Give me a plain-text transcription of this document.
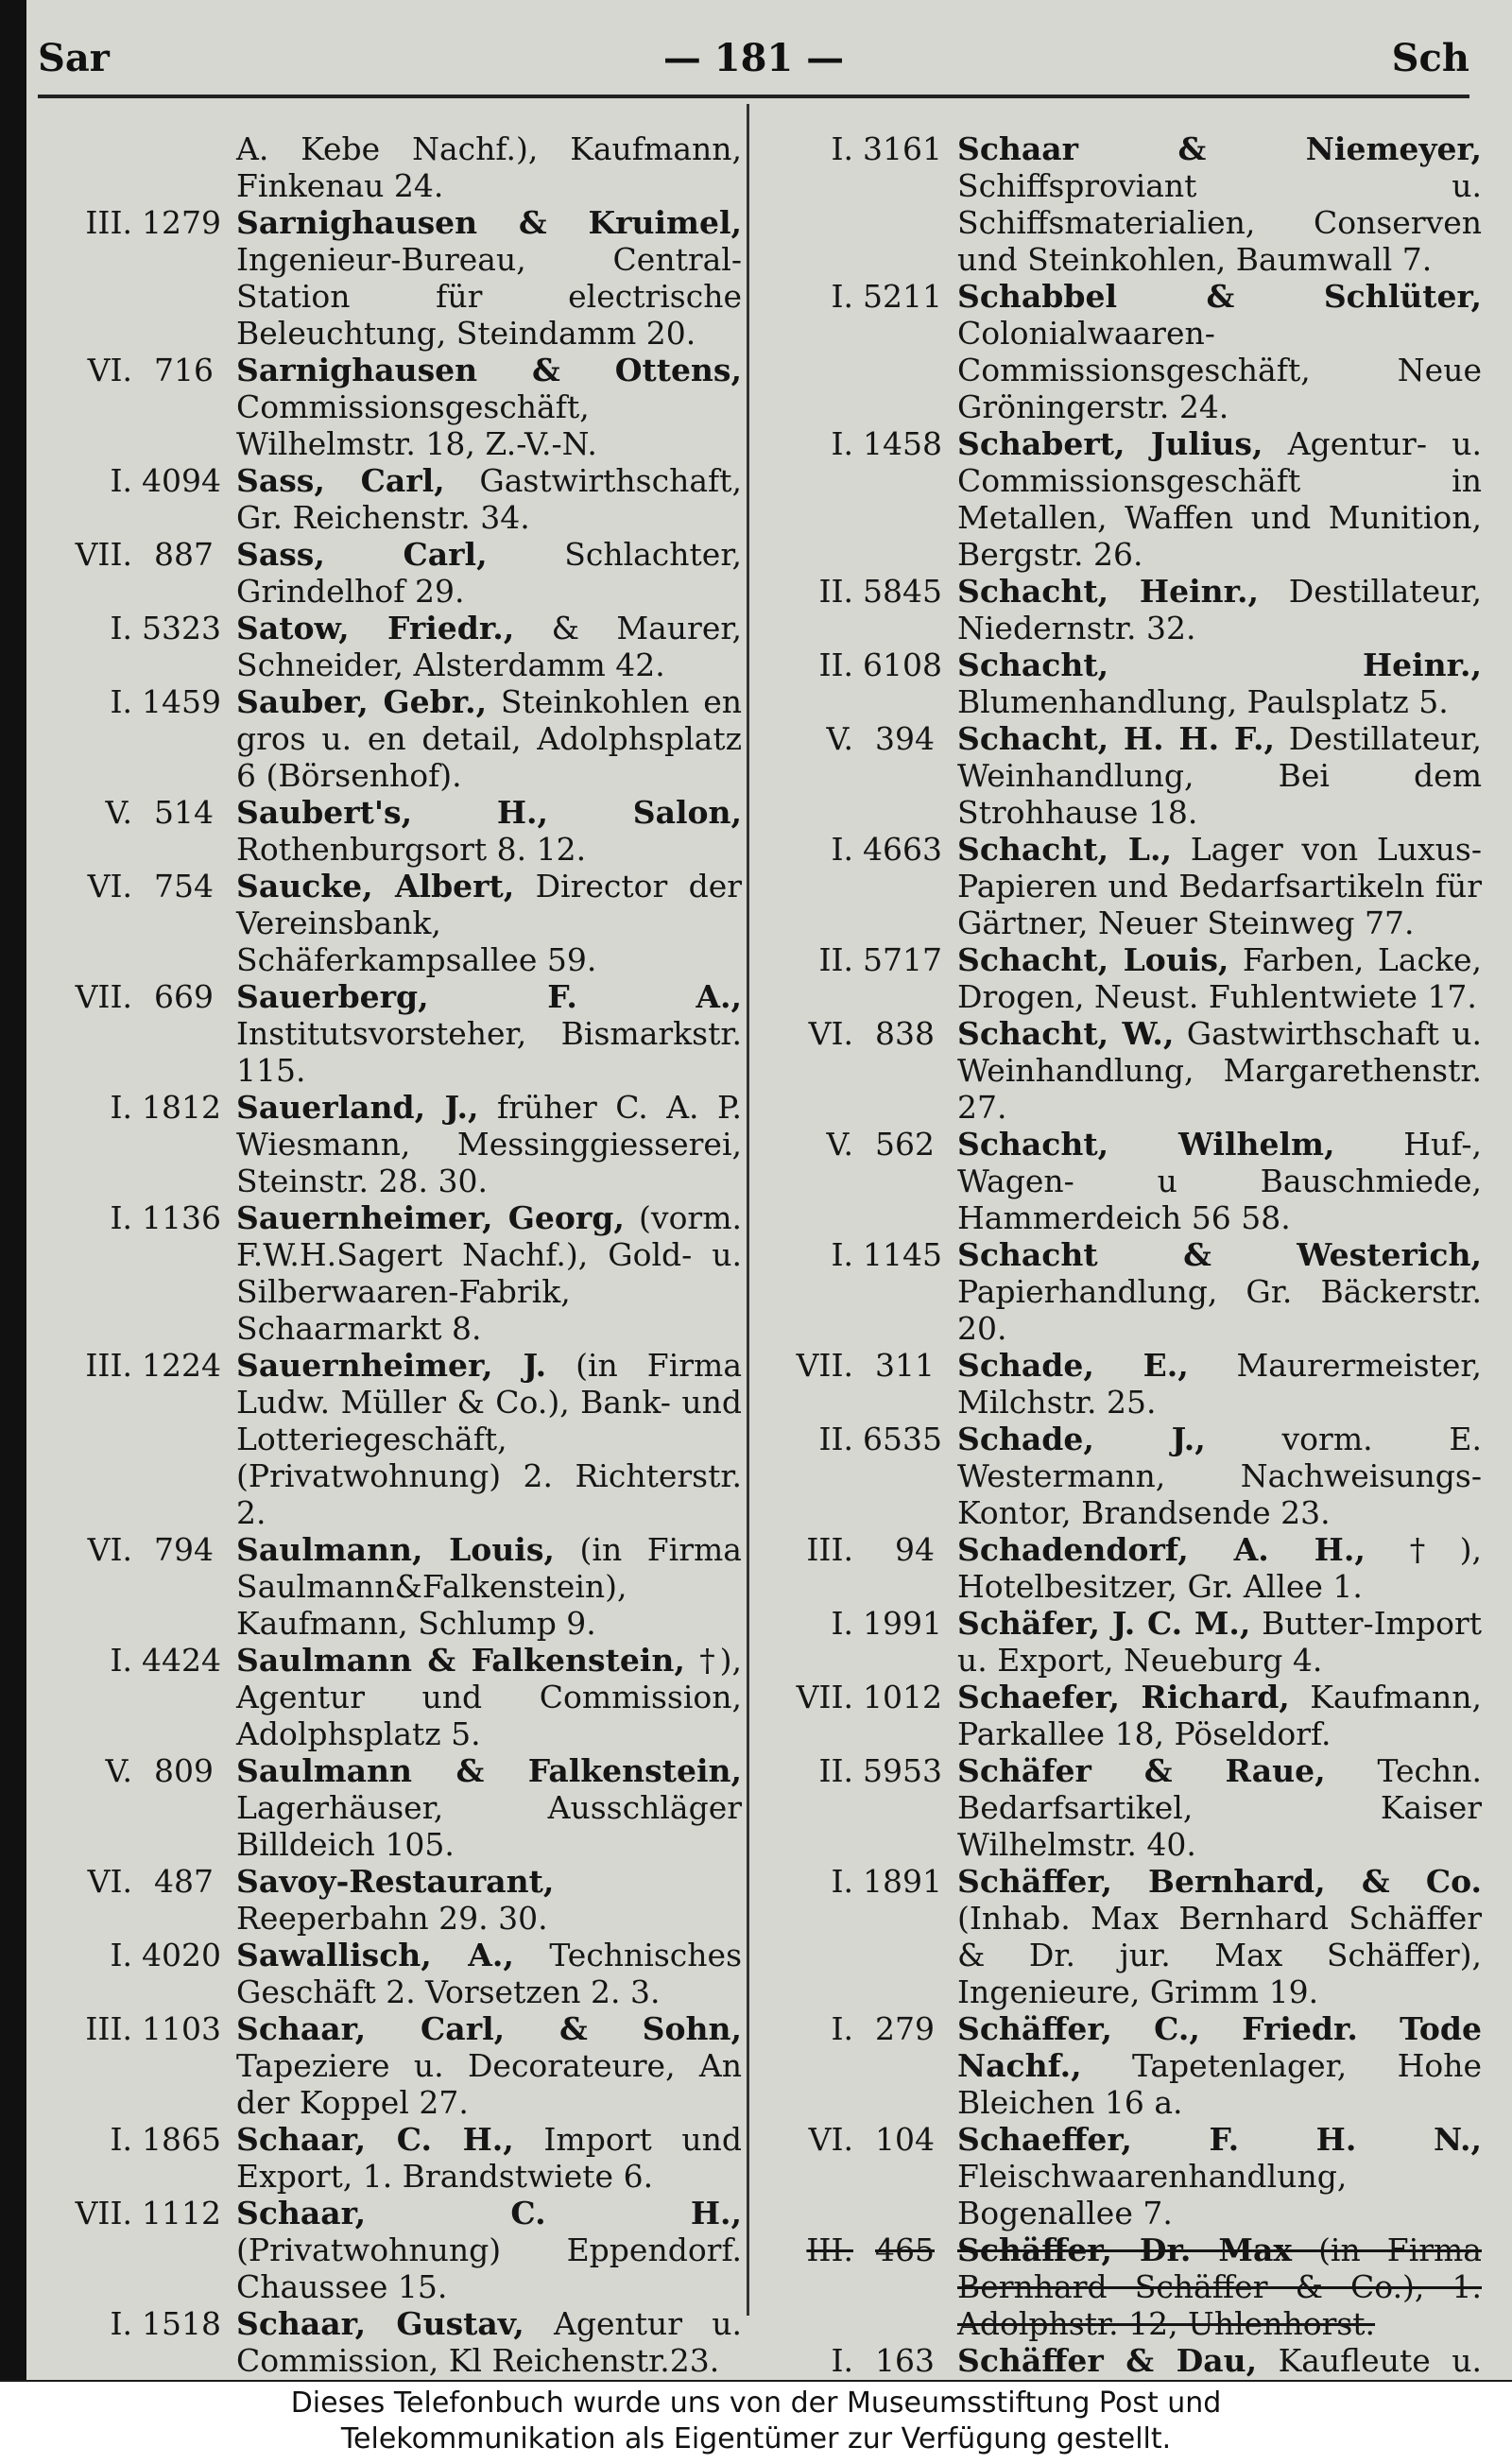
Sar	— 181 —	Sch
A. Kebe Nachf.), Kaufmann, Finkenau 24.
III. 1279 Sarnighausen & Kruimel, Ingenieur-Bureau, Central-Station für electrische Beleuchtung, Steindamm 20.
VI. 716 Sarnighausen & Ottens, Commissionsgeschäft, Wilhelmstr. 18, Z.-V.-N.
I. 4094 Sass, Carl, Gastwirthschaft, Gr. Reichenstr. 34.
VII. 887 Sass, Carl, Schlachter, Grindelhof 29.
I. 5323 Satow, Friedr., & Maurer, Schneider, Alsterdamm 42.
I. 1459 Sauber, Gebr., Steinkohlen en gros u. en detail, Adolphsplatz 6 (Börsenhof).
V. 514 Saubert's, H., Salon, Rothenburgsort 8. 12.
VI. 754 Saucke, Albert, Director der Vereinsbank, Schäferkampsallee 59.
VII. 669 Sauerberg, F. A., Institutsvorsteher, Bismarkstr. 115.
I. 1812 Sauerland, J., früher C. A. P. Wiesmann, Messinggiesserei, Steinstr. 28. 30.
I. 1136 Sauernheimer, Georg, (vorm. F.W.H.Sagert Nachf.), Gold- u. Silberwaaren-Fabrik, Schaarmarkt 8.
III. 1224 Sauernheimer, J. (in Firma Ludw. Müller & Co.), Bank- und Lotteriegeschäft, (Privatwohnung) 2. Richterstr. 2.
VI. 794 Saulmann, Louis, (in Firma Saulmann&Falkenstein), Kaufmann, Schlump 9.
I. 4424 Saulmann & Falkenstein, †), Agentur und Commission, Adolphsplatz 5.
V. 809 Saulmann & Falkenstein, Lagerhäuser, Ausschläger Billdeich 105.
VI. 487 Savoy-Restaurant, Reeperbahn 29. 30.
I. 4020 Sawallisch, A., Technisches Geschäft 2. Vorsetzen 2. 3.
III. 1103 Schaar, Carl, & Sohn, Tapeziere u. Decorateure, An der Koppel 27.
I. 1865 Schaar, C. H., Import und Export, 1. Brandstwiete 6.
VII. 1112 Schaar, C. H., (Privatwohnung) Eppendorf. Chaussee 15.
I. 1518 Schaar, Gustav, Agentur u. Commission, Kl Reichenstr.23.
I. 3161 Schaar & Niemeyer, Schiffsproviant u. Schiffsmaterialien, Conserven und Steinkohlen, Baumwall 7.
I. 5211 Schabbel & Schlüter, Colonialwaaren-Commissionsgeschäft, Neue Gröningerstr. 24.
I. 1458 Schabert, Julius, Agentur- u. Commissionsgeschäft in Metallen, Waffen und Munition, Bergstr. 26.
II. 5845 Schacht, Heinr., Destillateur, Niedernstr. 32.
II. 6108 Schacht, Heinr., Blumenhandlung, Paulsplatz 5.
V. 394 Schacht, H. H. F., Destillateur, Weinhandlung, Bei dem Strohhause 18.
I. 4663 Schacht, L., Lager von Luxus-Papieren und Bedarfsartikeln für Gärtner, Neuer Steinweg 77.
II. 5717 Schacht, Louis, Farben, Lacke, Drogen, Neust. Fuhlentwiete 17.
VI. 838 Schacht, W., Gastwirthschaft u. Weinhandlung, Margarethenstr. 27.
V. 562 Schacht, Wilhelm, Huf-, Wagen- u Bauschmiede, Hammerdeich 56 58.
I. 1145 Schacht & Westerich, Papierhandlung, Gr. Bäckerstr. 20.
VII. 311 Schade, E., Maurermeister, Milchstr. 25.
II. 6535 Schade, J., vorm. E. Westermann, Nachweisungs-Kontor, Brandsende 23.
III.	94 Schadendorf, A. H., †), Hotelbesitzer, Gr. Allee 1.
I. 1991 Schäfer, J. C. M., Butter-Import u. Export, Neueburg 4.
VII. 1012 Schaefer, Richard, Kaufmann, Parkallee 18, Pöseldorf.
II. 5953 Schäfer & Raue, Techn. Bedarfsartikel, Kaiser Wilhelmstr. 40.
I. 1891 Schäffer, Bernhard, & Co. (Inhab. Max Bernhard Schäffer & Dr. jur. Max Schäffer), Ingenieure, Grimm 19.
I. 279 Schäffer, C., Friedr. Tode Nachf., Tapetenlager, Hohe Bleichen 16 a.
VI. 104 Schaeffer, F. H. N., Fleischwaarenhandlung, Bogenallee 7.
III. 465 Schäffer, Dr. Max (in Firma Bernhard Schäffer & Co.), 1. Adolphstr. 12, Uhlenhorst.
I. 163 Schäffer & Dau, Kaufleute u.
Dieses Telefonbuch wurde uns von der Museumsstiftung Post und
Telekommunikation als Eigentümer zur Verfügung gestellt.
